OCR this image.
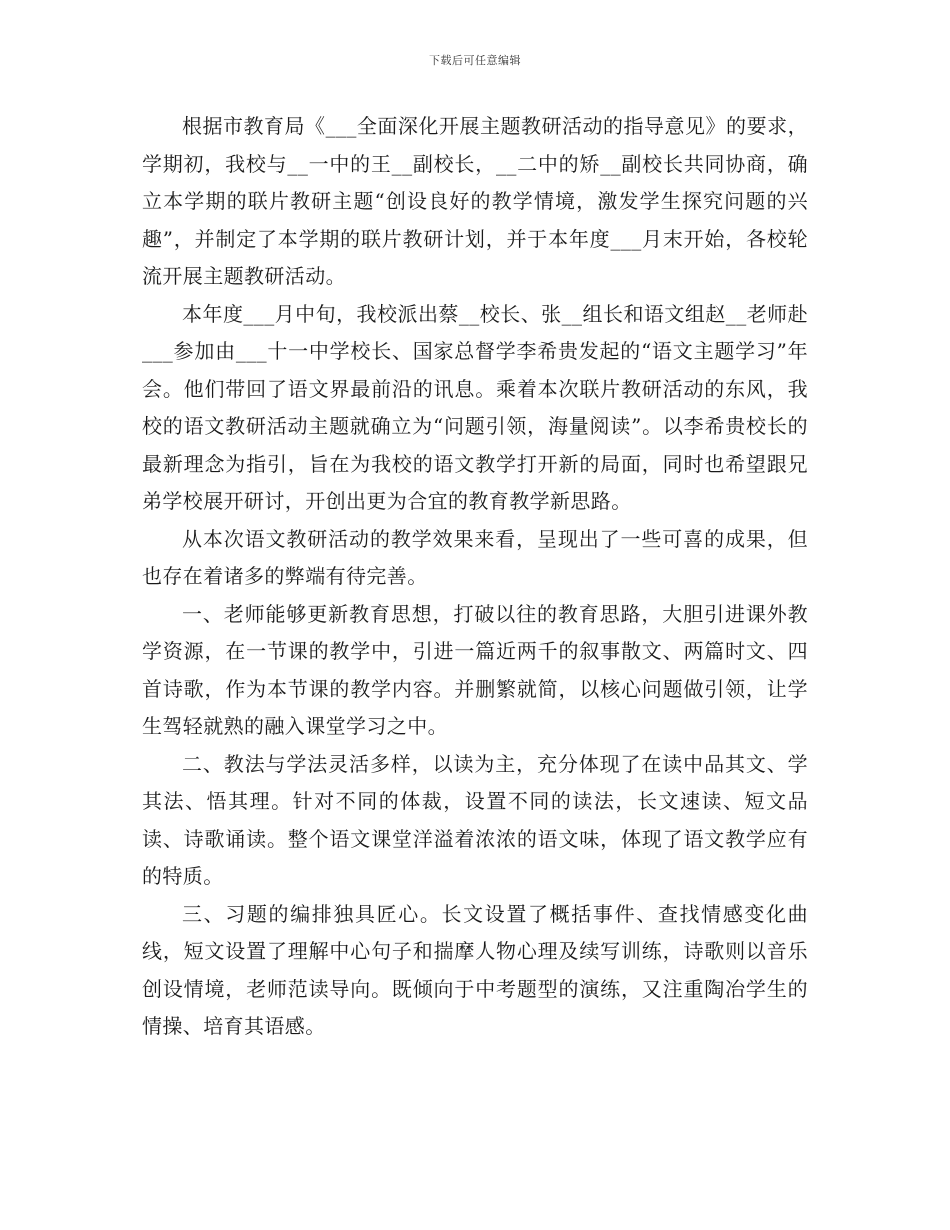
下载后可任意编辑

根据市教育局《___全面深化开展主题教研活动的指导意见》的要求，学期初，我校与__一中的王__副校长，__二中的矫__副校长共同协商，确立本学期的联片教研主题“创设良好的教学情境，激发学生探究问题的兴趣”，并制定了本学期的联片教研计划，并于本年度___月末开始，各校轮流开展主题教研活动。

本年度___月中旬，我校派出蔡__校长、张__组长和语文组赵__老师赴___参加由___十一中学校长、国家总督学李希贵发起的“语文主题学习”年会。他们带回了语文界最前沿的讯息。乘着本次联片教研活动的东风，我校的语文教研活动主题就确立为“问题引领，海量阅读”。以李希贵校长的最新理念为指引，旨在为我校的语文教学打开新的局面，同时也希望跟兄弟学校展开研讨，开创出更为合宜的教育教学新思路。

从本次语文教研活动的教学效果来看，呈现出了一些可喜的成果，但也存在着诸多的弊端有待完善。

一、老师能够更新教育思想，打破以往的教育思路，大胆引进课外教学资源，在一节课的教学中，引进一篇近两千的叙事散文、两篇时文、四首诗歌，作为本节课的教学内容。并删繁就简，以核心问题做引领，让学生驾轻就熟的融入课堂学习之中。

二、教法与学法灵活多样，以读为主，充分体现了在读中品其文、学其法、悟其理。针对不同的体裁，设置不同的读法，长文速读、短文品读、诗歌诵读。整个语文课堂洋溢着浓浓的语文味，体现了语文教学应有的特质。

三、习题的编排独具匠心。长文设置了概括事件、查找情感变化曲线，短文设置了理解中心句子和揣摩人物心理及续写训练，诗歌则以音乐创设情境，老师范读导向。既倾向于中考题型的演练，又注重陶冶学生的情操、培育其语感。
